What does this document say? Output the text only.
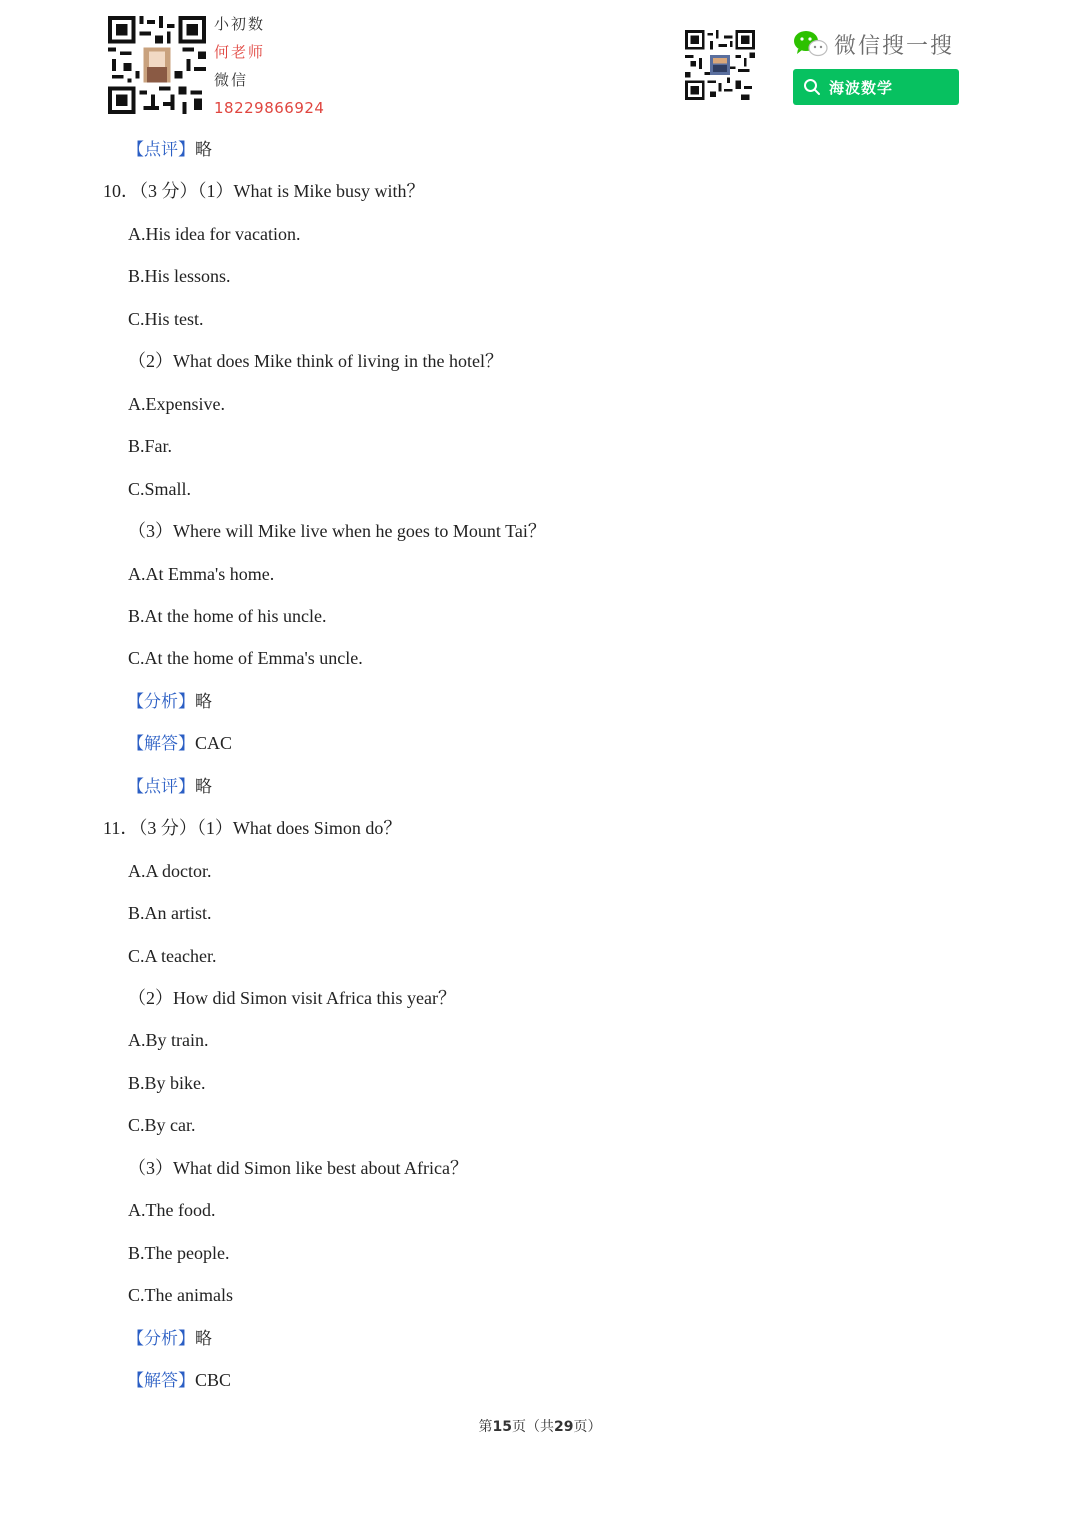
小初数
何老师
微信
18229866924
微信搜一搜
海波数学
【点评】略
10．（3 分）（1）What is Mike busy with？
A.His idea for vacation.
B.His lessons.
C.His test.
（2）What does Mike think of living in the hotel？
A.Expensive.
B.Far.
C.Small.
（3）Where will Mike live when he goes to Mount Tai？
A.At Emma's home.
B.At the home of his uncle.
C.At the home of Emma's uncle.
【分析】略
【解答】CAC
【点评】略
11．（3 分）（1）What does Simon do？
A.A doctor.
B.An artist.
C.A teacher.
（2）How did Simon visit Africa this year？
A.By train.
B.By bike.
C.By car.
（3）What did Simon like best about Africa？
A.The food.
B.The people.
C.The animals
【分析】略
【解答】CBC
第15页（共29页）
